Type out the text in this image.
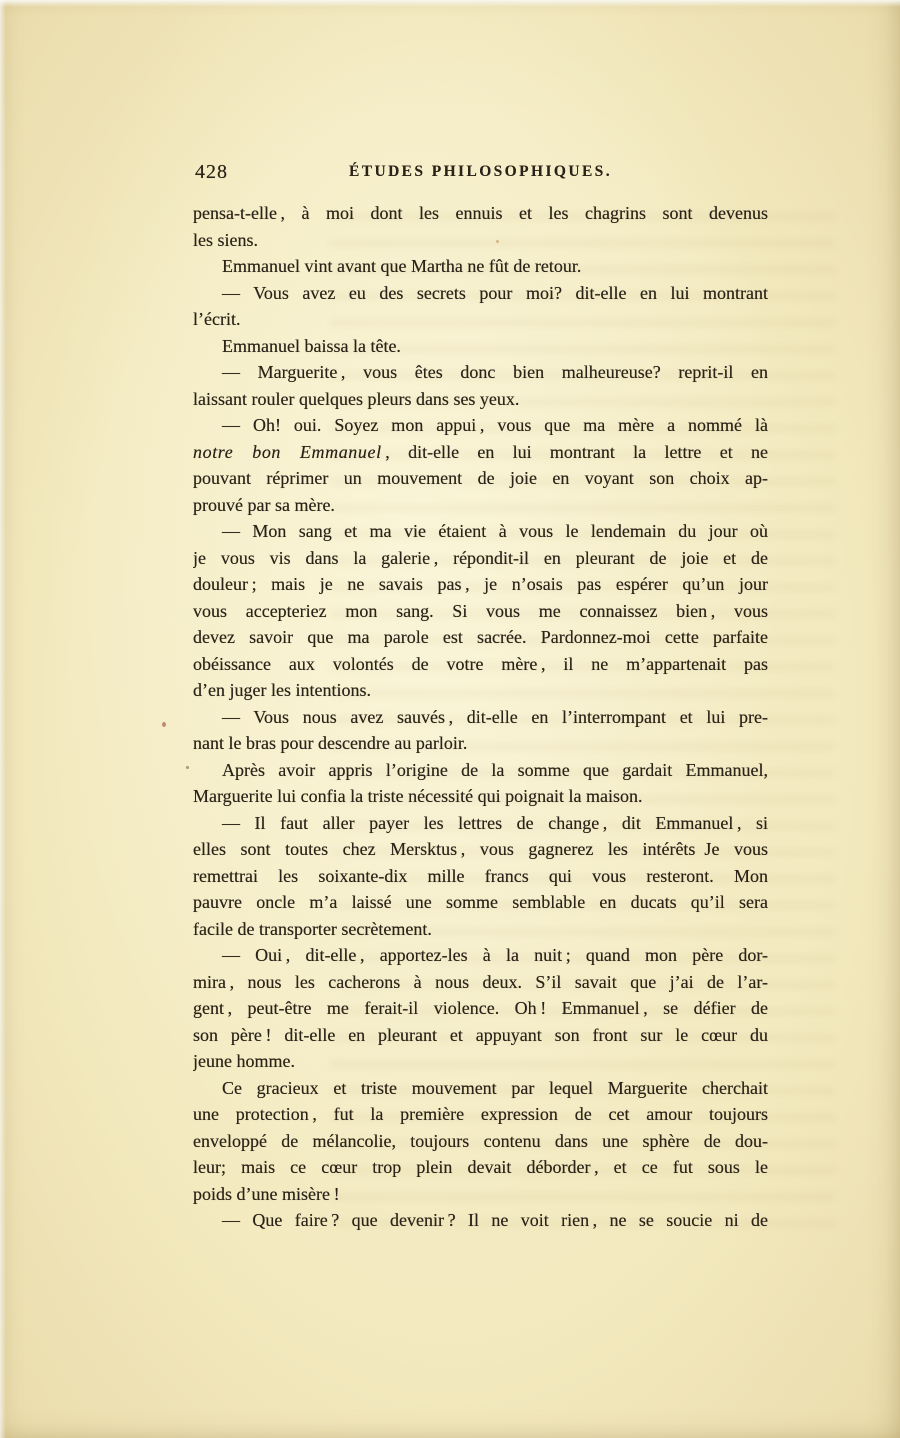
428	ÉTUDES PHILOSOPHIQUES.
pensa-t-elle , à moi dont les ennuis et les chagrins sont devenus
les siens.
Emmanuel vint avant que Martha ne fût de retour.
— Vous avez eu des secrets pour moi? dit-elle en lui montrant
l’écrit.
Emmanuel baissa la tête.
— Marguerite , vous êtes donc bien malheureuse? reprit-il en
laissant rouler quelques pleurs dans ses yeux.
— Oh! oui. Soyez mon appui , vous que ma mère a nommé là
notre bon Emmanuel , dit-elle en lui montrant la lettre et ne
pouvant réprimer un mouvement de joie en voyant son choix ap-
prouvé par sa mère.
— Mon sang et ma vie étaient à vous le lendemain du jour où
je vous vis dans la galerie , répondit-il en pleurant de joie et de
douleur ; mais je ne savais pas , je n’osais pas espérer qu’un jour
vous accepteriez mon sang. Si vous me connaissez bien , vous
devez savoir que ma parole est sacrée. Pardonnez-moi cette parfaite
obéissance aux volontés de votre mère , il ne m’appartenait pas
d’en juger les intentions.
— Vous nous avez sauvés , dit-elle en l’interrompant et lui pre-
nant le bras pour descendre au parloir.
Après avoir appris l’origine de la somme que gardait Emmanuel,
Marguerite lui confia la triste nécessité qui poignait la maison.
— Il faut aller payer les lettres de change , dit Emmanuel , si
elles sont toutes chez Mersktus , vous gagnerez les intérêts Je vous
remettrai les soixante-dix mille francs qui vous resteront. Mon
pauvre oncle m’a laissé une somme semblable en ducats qu’il sera
facile de transporter secrètement.
— Oui , dit-elle , apportez-les à la nuit ; quand mon père dor-
mira , nous les cacherons à nous deux. S’il savait que j’ai de l’ar-
gent , peut-être me ferait-il violence. Oh ! Emmanuel , se défier de
son père ! dit-elle en pleurant et appuyant son front sur le cœur du
jeune homme.
Ce gracieux et triste mouvement par lequel Marguerite cherchait
une protection , fut la première expression de cet amour toujours
enveloppé de mélancolie, toujours contenu dans une sphère de dou-
leur; mais ce cœur trop plein devait déborder , et ce fut sous le
poids d’une misère !
— Que faire ? que devenir ? Il ne voit rien , ne se soucie ni de
